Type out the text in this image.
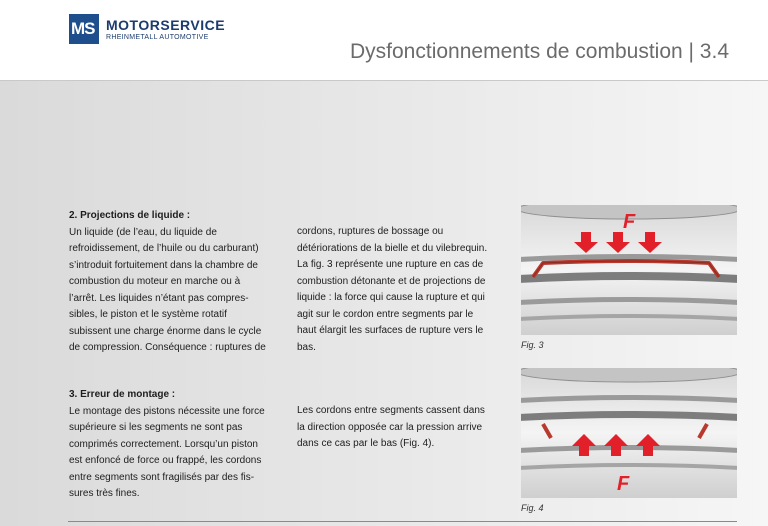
MS MOTORSERVICE
RHEINMETALL AUTOMOTIVE
Dysfonctionnements de combustion | 3.4
2. Projections de liquide :
Un liquide (de l’eau, du liquide de
refroidissement, de l’huile ou du carburant)
s’introduit fortuitement dans la chambre de
combustion du moteur en marche ou à
l’arrêt. Les liquides n’étant pas compres-
sibles, le piston et le système rotatif
subissent une charge énorme dans le cycle
de compression. Conséquence : ruptures de
cordons, ruptures de bossage ou
détériorations de la bielle et du vilebrequin.
La fig. 3 représente une rupture en cas de
combustion détonante et de projections de
liquide : la force qui cause la rupture et qui
agit sur le cordon entre segments par le
haut élargit les surfaces de rupture vers le
bas.
3. Erreur de montage :
Le montage des pistons nécessite une force
supérieure si les segments ne sont pas
comprimés correctement. Lorsqu’un piston
est enfoncé de force ou frappé, les cordons
entre segments sont fragilisés par des fis-
sures très fines.
Les cordons entre segments cassent dans
la direction opposée car la pression arrive
dans ce cas par le bas (Fig. 4).
F
Fig. 3
F
Fig. 4
